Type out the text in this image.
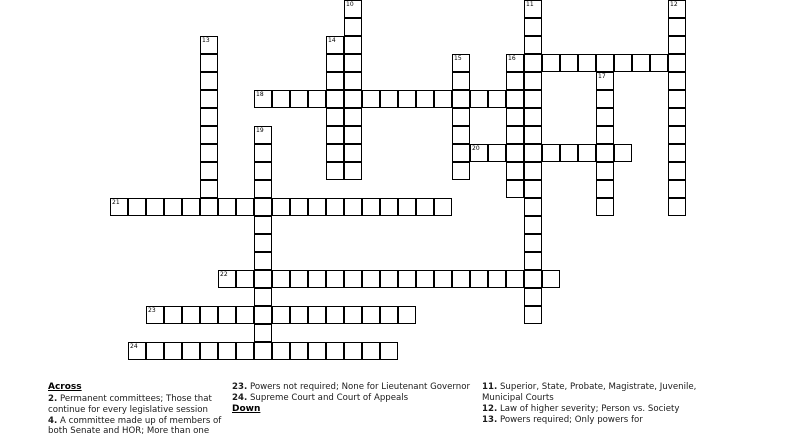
10	11	12
13	14
15	16
17
18
19
20
21
22
23
24
Across
2. Permanent committees; Those that continue for every legislative session
4. A committee made up of members of both Senate and HOR; More than one
23. Powers not required; None for Lieutenant Governor
24. Supreme Court and Court of Appeals
Down
11. Superior, State, Probate, Magistrate, Juvenile, Municipal Courts
12. Law of higher severity; Person vs. Society
13. Powers required; Only powers for
